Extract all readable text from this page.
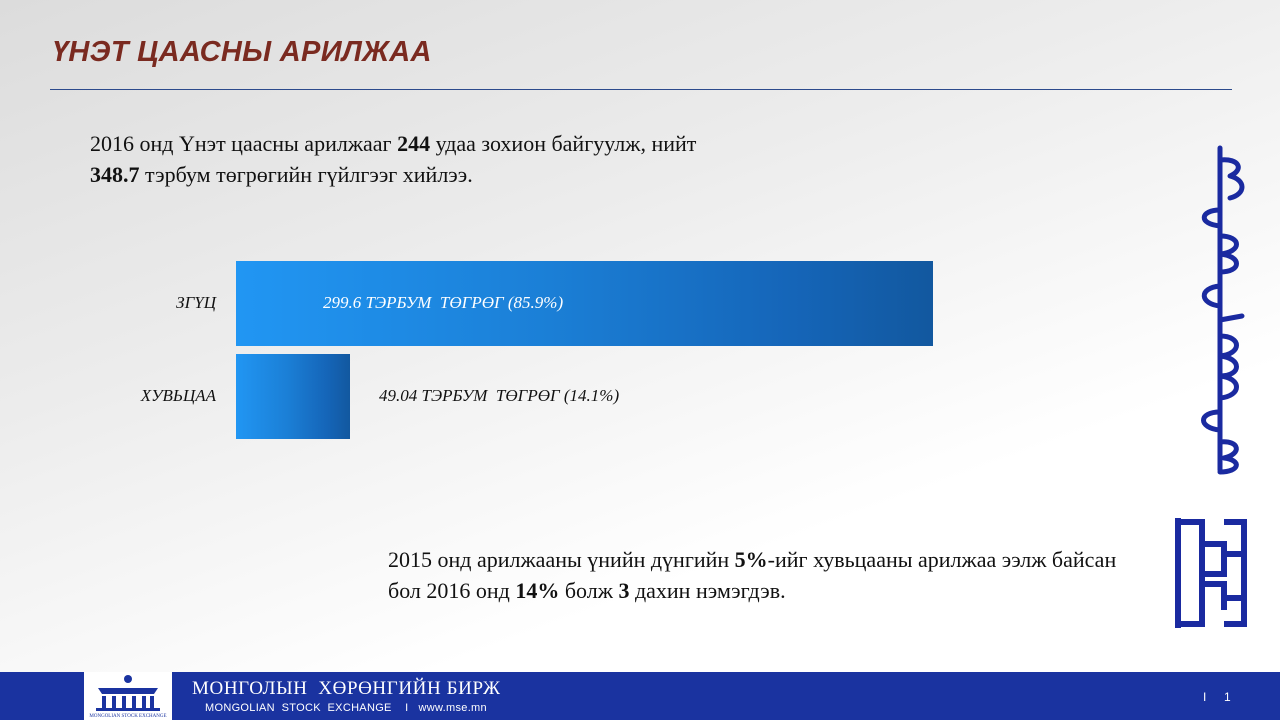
ҮНЭТ ЦААСНЫ АРИЛЖАА
2016 онд Үнэт цаасны арилжааг 244 удаа зохион байгуулж, нийт
348.7 тэрбум төгрөгийн гүйлгээг хийлээ.
ЗГҮЦ	299.6 ТЭРБУМ  ТӨГРӨГ (85.9%)
ХУВЬЦАА	49.04 ТЭРБУМ  ТӨГРӨГ (14.1%)
2015 онд арилжааны үнийн дүнгийн 5%-ийг хувьцааны арилжаа ээлж байсан бол 2016 онд 14% болж 3 дахин нэмэгдэв.
MONGOLIAN STOCK EXCHANGE
МОНГОЛЫН  ХӨРӨНГИЙН БИРЖ
MONGOLIAN  STOCK  EXCHANGE    I   www.mse.mn
I 1
